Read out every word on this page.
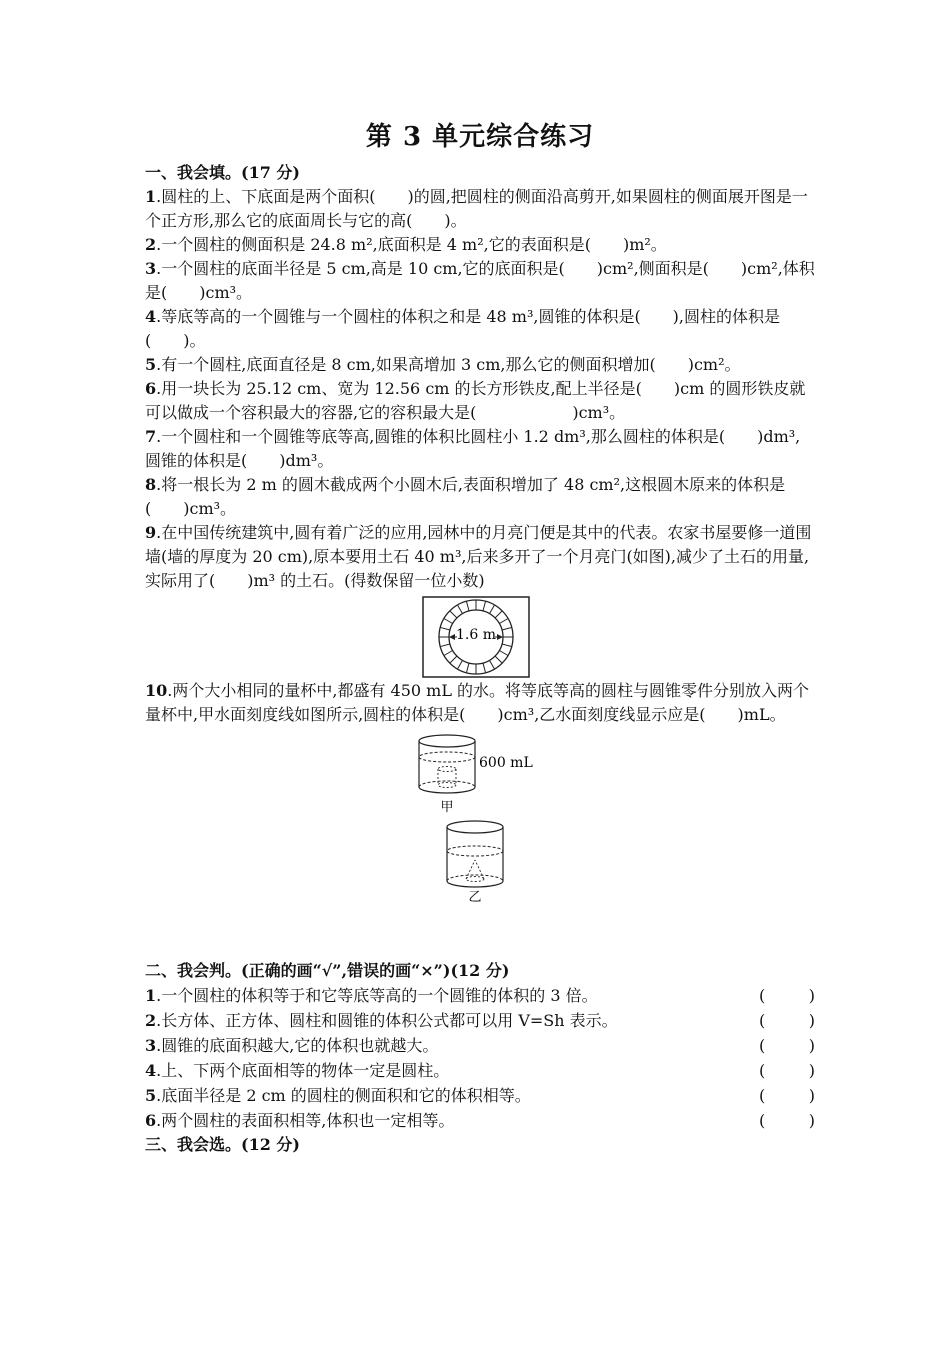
第 3 单元综合练习

一、我会填。(17 分)

1.圆柱的上、下底面是两个面积(　　)的圆,把圆柱的侧面沿高剪开,如果圆柱的侧面展开图是一个正方形,那么它的底面周长与它的高(　　)。

2.一个圆柱的侧面积是 24.8 m²,底面积是 4 m²,它的表面积是(　　)m²。

3.一个圆柱的底面半径是 5 cm,高是 10 cm,它的底面积是(　　)cm²,侧面积是(　　)cm²,体积是(　　)cm³。

4.等底等高的一个圆锥与一个圆柱的体积之和是 48 m³,圆锥的体积是(　　),圆柱的体积是(　　)。

5.有一个圆柱,底面直径是 8 cm,如果高增加 3 cm,那么它的侧面积增加(　　)cm²。

6.用一块长为 25.12 cm、宽为 12.56 cm 的长方形铁皮,配上半径是(　　)cm 的圆形铁皮就可以做成一个容积最大的容器,它的容积最大是(　　　　　　)cm³。

7.一个圆柱和一个圆锥等底等高,圆锥的体积比圆柱小 1.2 dm³,那么圆柱的体积是(　　)dm³,圆锥的体积是(　　)dm³。

8.将一根长为 2 m 的圆木截成两个小圆木后,表面积增加了 48 cm²,这根圆木原来的体积是(　　)cm³。

9.在中国传统建筑中,圆有着广泛的应用,园林中的月亮门便是其中的代表。农家书屋要修一道围墙(墙的厚度为 20 cm),原本要用土石 40 m³,后来多开了一个月亮门(如图),减少了土石的用量,实际用了(　　)m³ 的土石。(得数保留一位小数)

1.6 m

10.两个大小相同的量杯中,都盛有 450 mL 的水。将等底等高的圆柱与圆锥零件分别放入两个量杯中,甲水面刻度线如图所示,圆柱的体积是(　　)cm³,乙水面刻度线显示应是(　　)mL。

600 mL
甲
乙

二、我会判。(正确的画“√”,错误的画“×”)(12 分)

1.一个圆柱的体积等于和它等底等高的一个圆锥的体积的 3 倍。	(	)
2.长方体、正方体、圆柱和圆锥的体积公式都可以用 V=Sh 表示。	(	)
3.圆锥的底面积越大,它的体积也就越大。	(	)
4.上、下两个底面相等的物体一定是圆柱。	(	)
5.底面半径是 2 cm 的圆柱的侧面积和它的体积相等。	(	)
6.两个圆柱的表面积相等,体积也一定相等。	(	)

三、我会选。(12 分)
